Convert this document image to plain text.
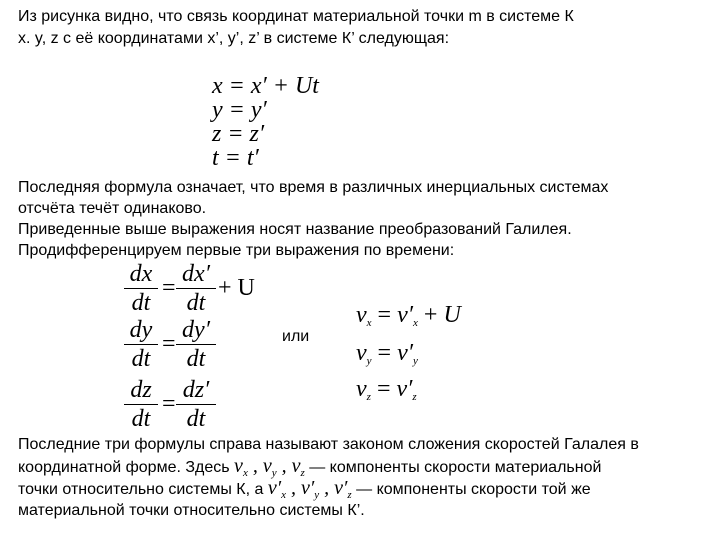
Из рисунка видно, что связь координат материальной точки m в системе К
x. y, z с её координатами x’, y’, z’ в системе К’ следующая:
x = x′ + Ut
y = y′
z = z′
t = t′
Последняя формула означает, что время в различных инерциальных системах
отсчёта течёт одинаково.
Приведенные выше выражения носят название преобразований Галилея.
Продифференцируем первые три выражения по времени:
dx
dt
=
dx′
dt
+ U
dy
dt
=
dy′
dt
dz
dt
=
dz′
dt
или
$v_x = v'_x + U$
$v_y = v'_y$
$v_z = v'_z$
Последние три формулы справа называют законом сложения скоростей Галалея в
координатной форме. Здесь $v_x$ , $v_y$ , $v_z$ — компоненты скорости материальной
точки относительно системы К, а $v'_x$ , $v'_y$ , $v'_z$ — компоненты скорости той же
материальной точки относительно системы К’.
